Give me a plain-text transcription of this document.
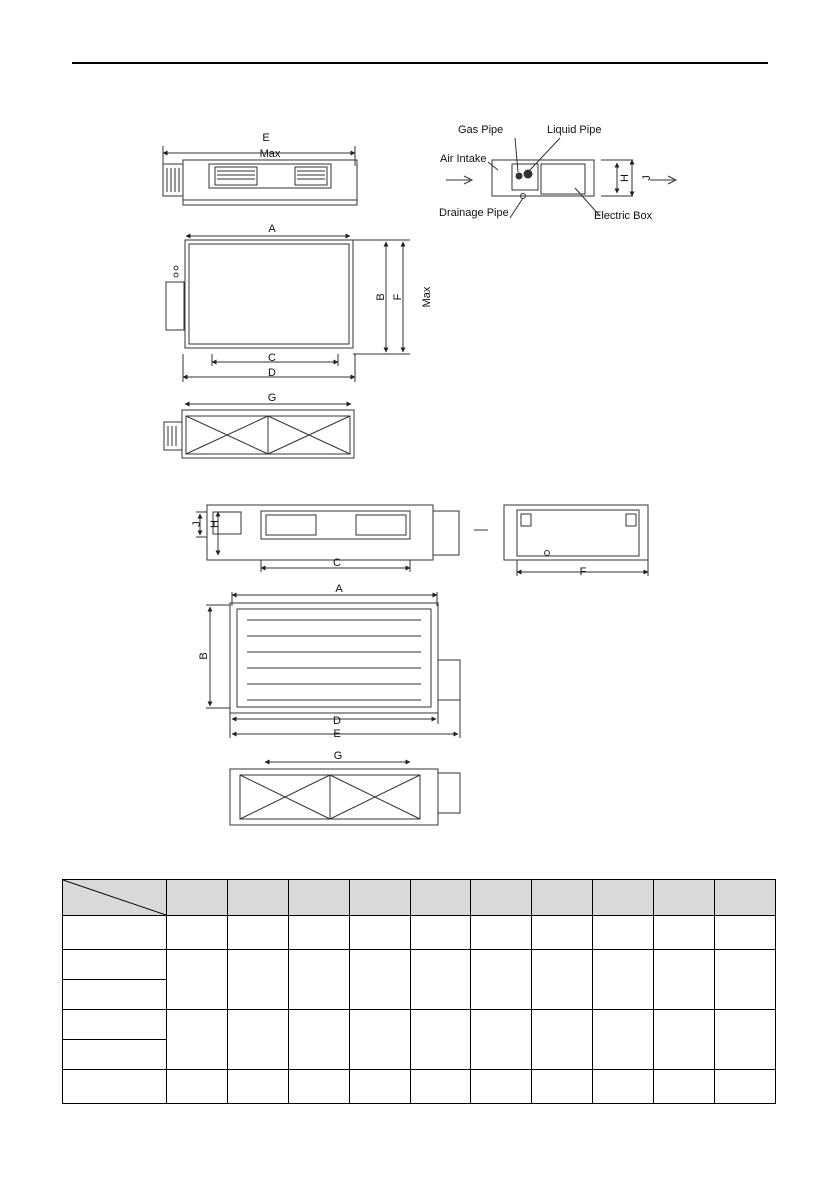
E
Max
A
B F Max
C
D
G
Gas Pipe	Liquid Pipe
Air Intake
H J
Drainage Pipe	Electric Box
J H
C
F
A
B
D
E
G
